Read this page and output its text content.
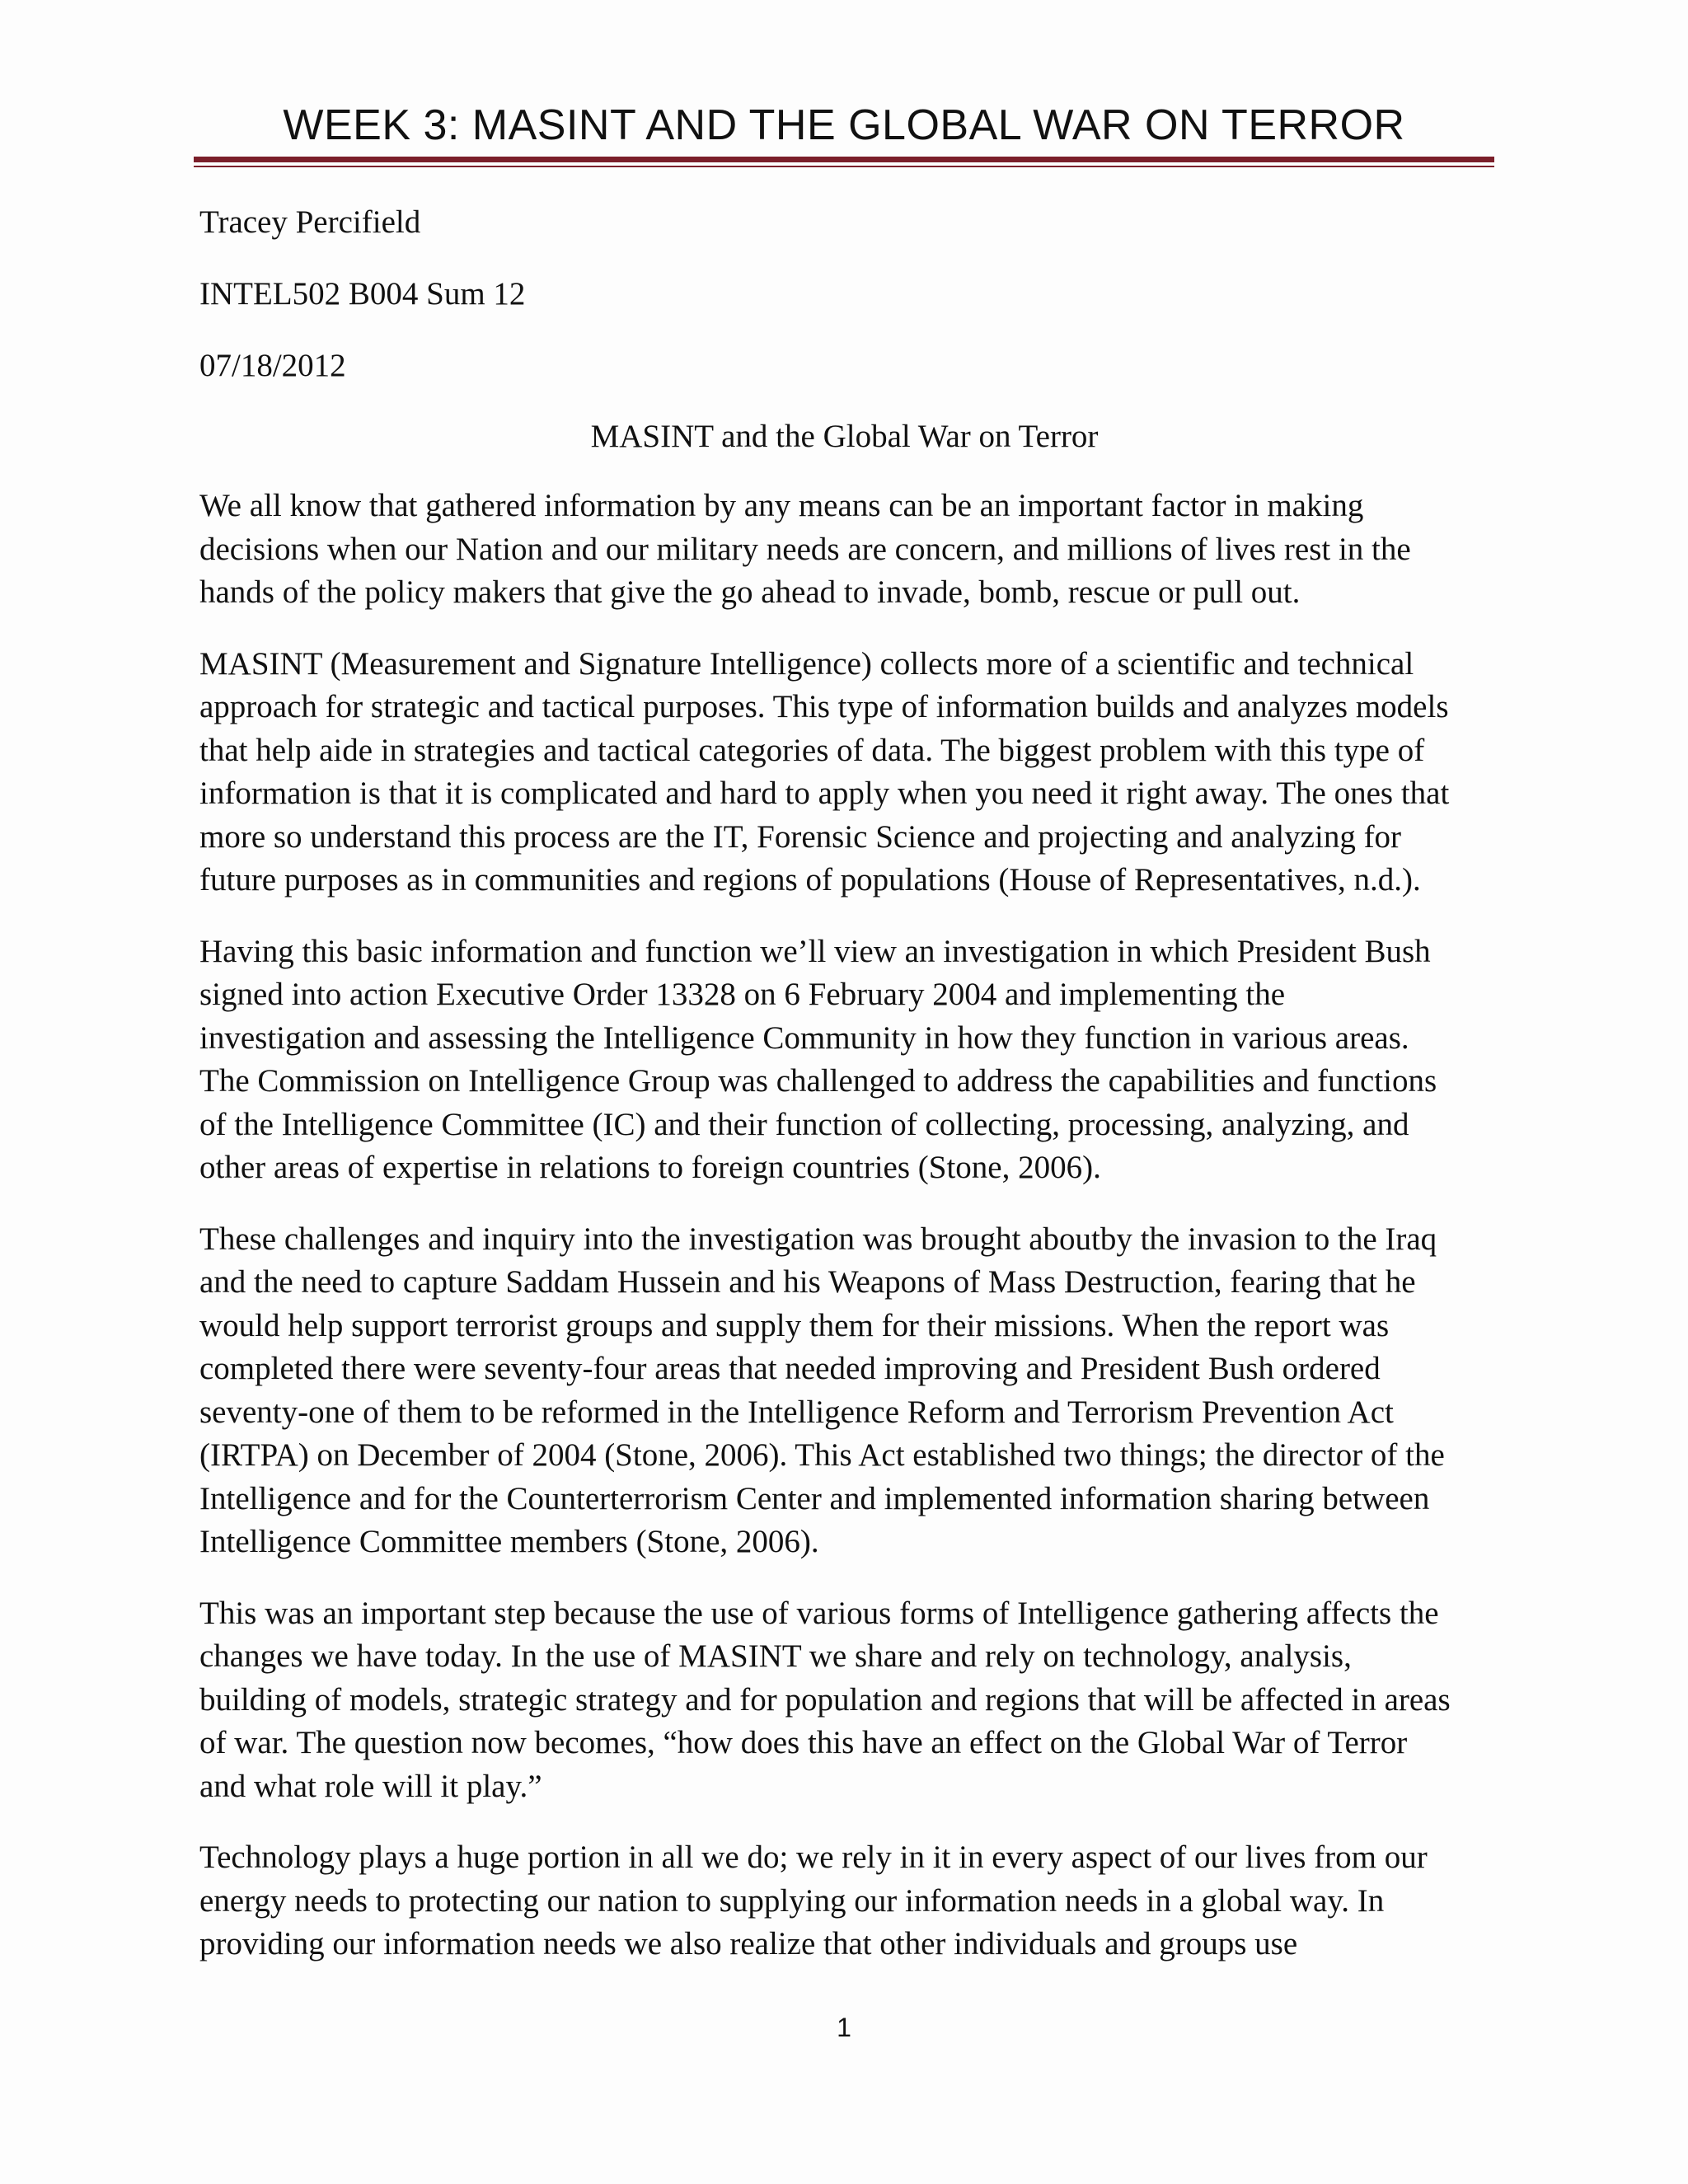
WEEK 3: MASINT AND THE GLOBAL WAR ON TERROR
Tracey Percifield
INTEL502 B004 Sum 12
07/18/2012
MASINT and the Global War on Terror
We all know that gathered information by any means can be an important factor in making
decisions when our Nation and our military needs are concern, and millions of lives rest in the
hands of the policy makers that give the go ahead to invade, bomb, rescue or pull out.
MASINT (Measurement and Signature Intelligence) collects more of a scientific and technical
approach for strategic and tactical purposes. This type of information builds and analyzes models
that help aide in strategies and tactical categories of data. The biggest problem with this type of
information is that it is complicated and hard to apply when you need it right away. The ones that
more so understand this process are the IT, Forensic Science and projecting and analyzing for
future purposes as in communities and regions of populations (House of Representatives, n.d.).
Having this basic information and function we’ll view an investigation in which President Bush
signed into action Executive Order 13328 on 6 February 2004 and implementing the
investigation and assessing the Intelligence Community in how they function in various areas.
The Commission on Intelligence Group was challenged to address the capabilities and functions
of the Intelligence Committee (IC) and their function of collecting, processing, analyzing, and
other areas of expertise in relations to foreign countries (Stone, 2006).
These challenges and inquiry into the investigation was brought aboutby the invasion to the Iraq
and the need to capture Saddam Hussein and his Weapons of Mass Destruction, fearing that he
would help support terrorist groups and supply them for their missions. When the report was
completed there were seventy-four areas that needed improving and President Bush ordered
seventy-one of them to be reformed in the Intelligence Reform and Terrorism Prevention Act
(IRTPA) on December of 2004 (Stone, 2006). This Act established two things; the director of the
Intelligence and for the Counterterrorism Center and implemented information sharing between
Intelligence Committee members (Stone, 2006).
This was an important step because the use of various forms of Intelligence gathering affects the
changes we have today. In the use of MASINT we share and rely on technology, analysis,
building of models, strategic strategy and for population and regions that will be affected in areas
of war. The question now becomes, “how does this have an effect on the Global War of Terror
and what role will it play.”
Technology plays a huge portion in all we do; we rely in it in every aspect of our lives from our
energy needs to protecting our nation to supplying our information needs in a global way. In
providing our information needs we also realize that other individuals and groups use
1
